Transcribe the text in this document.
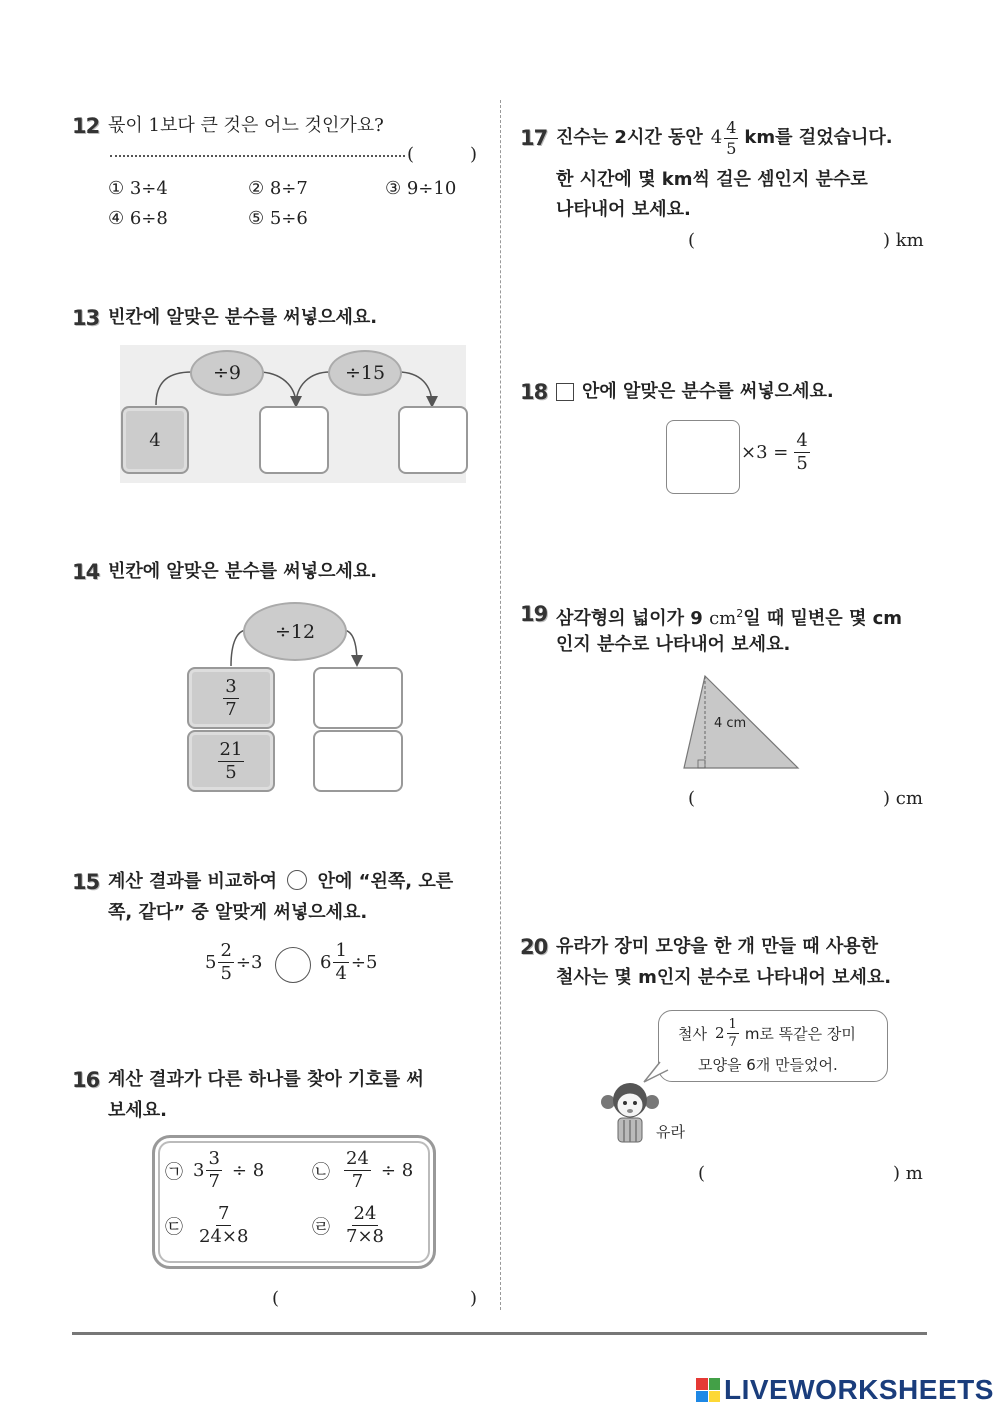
12 몫이 1보다 큰 것은 어느 것인가요?
(	)
① 3÷4	② 8÷7	③ 9÷10
④ 6÷8	⑤ 5÷6
13 빈칸에 알맞은 분수를 써넣으세요.
÷9	÷15
4
14 빈칸에 알맞은 분수를 써넣으세요.
÷12
$\frac{3}{7}$
$\frac{21}{5}$
15 계산 결과를 비교하여 안에 “왼쪽, 오른
쪽, 같다” 중 알맞게 써넣으세요.
$5 \frac{2}{5} \div 3$	$6 \frac{1}{4} \div 5$
16 계산 결과가 다른 하나를 찾아 기호를 써
보세요.
㉠ $3 \frac{3}{7} \div 8$	㉡ $\frac{24}{7} \div 8$
㉢ $\frac{7}{24\times 8}$	㉣ $\frac{24}{7\times 8}$
(	)
17 진수는 2시간 동안 $4 \frac{4}{5}$ km를 걸었습니다.
한 시간에 몇 km씩 걸은 셈인지 분수로
나타내어 보세요.
(	) km
18 안에 알맞은 분수를 써넣으세요.
$\times 3 = \frac{4}{5}$
19 삼각형의 넓이가 9 $cm^2$일 때 밑변은 몇 cm
인지 분수로 나타내어 보세요.
4 cm
(	) cm
20 유라가 장미 모양을 한 개 만들 때 사용한
철사는 몇 m인지 분수로 나타내어 보세요.
철사 $2 \frac{1}{7}$ m로 똑같은 장미
모양을 6개 만들었어.
유라
(	) m
LIVEWORKSHEETS
